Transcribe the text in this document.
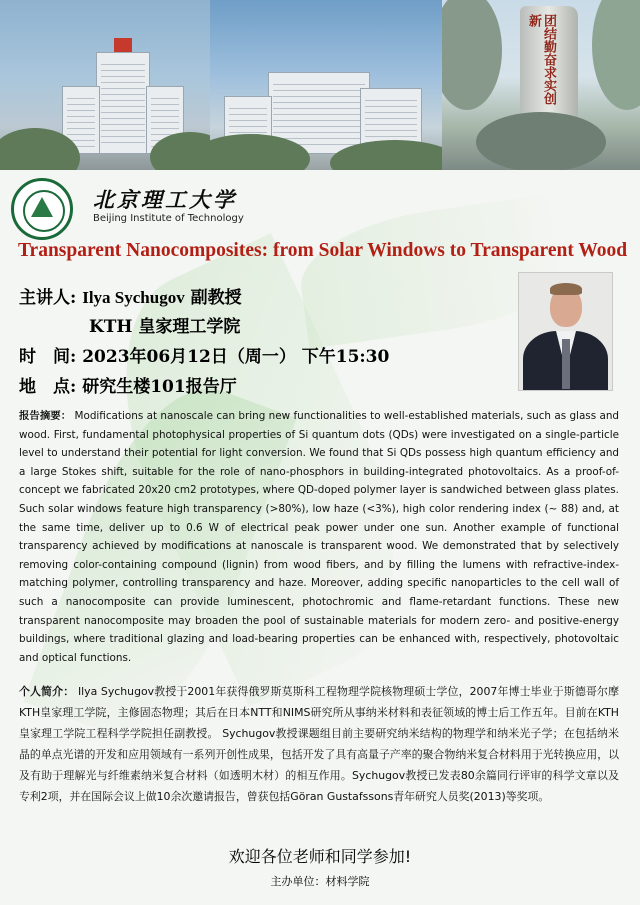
团结勤奋求实创新
北京理工大学
Beijing Institute of Technology
Transparent Nanocomposites: from Solar Windows to Transparent Wood
主讲人: Ilya Sychugov 副教授
KTH 皇家理工学院
时　间: 2023年06月12日（周一） 下午15:30
地　点: 研究生楼101报告厅
报告摘要： Modifications at nanoscale can bring new functionalities to well-established materials, such as glass and wood. First, fundamental photophysical properties of Si quantum dots (QDs) were investigated on a single-particle level to understand their potential for light conversion. We found that Si QDs possess high quantum efficiency and a large Stokes shift, suitable for the role of nano-phosphors in building-integrated photovoltaics. As a proof-of-concept we fabricated 20x20 cm2 prototypes, where QD-doped polymer layer is sandwiched between glass plates. Such solar windows feature high transparency (>80%), low haze (<3%), high color rendering index (~ 88) and, at the same time, deliver up to 0.6 W of electrical peak power under one sun. Another example of functional transparency achieved by modifications at nanoscale is transparent wood. We demonstrated that by selectively removing color-containing compound (lignin) from wood fibers, and by filling the lumens with refractive-index-matching polymer, controlling transparency and haze. Moreover, adding specific nanoparticles to the cell wall of such a nanocomposite can provide luminescent, photochromic and flame-retardant functions. These new transparent nanocomposite may broaden the pool of sustainable materials for modern zero- and positive-energy buildings, where traditional glazing and load-bearing properties can be enhanced with, respectively, photovoltaic and optical functions.
个人简介： Ilya Sychugov教授于2001年获得俄罗斯莫斯科工程物理学院核物理硕士学位，2007年博士毕业于斯德哥尔摩KTH皇家理工学院，主修固态物理；其后在日本NTT和NIMS研究所从事纳米材料和表征领域的博士后工作五年。目前在KTH皇家理工学院工程科学学院担任副教授。 Sychugov教授课题组目前主要研究纳米结构的物理学和纳米光子学；在包括纳米晶的单点光谱的开发和应用领域有一系列开创性成果，包括开发了具有高量子产率的聚合物纳米复合材料用于光转换应用，以及有助于理解光与纤维素纳米复合材料（如透明木材）的相互作用。Sychugov教授已发表80余篇同行评审的科学文章以及专利2项，并在国际会议上做10余次邀请报告，曾获包括Göran Gustafssons青年研究人员奖(2013)等奖项。
欢迎各位老师和同学参加!
主办单位：材料学院
